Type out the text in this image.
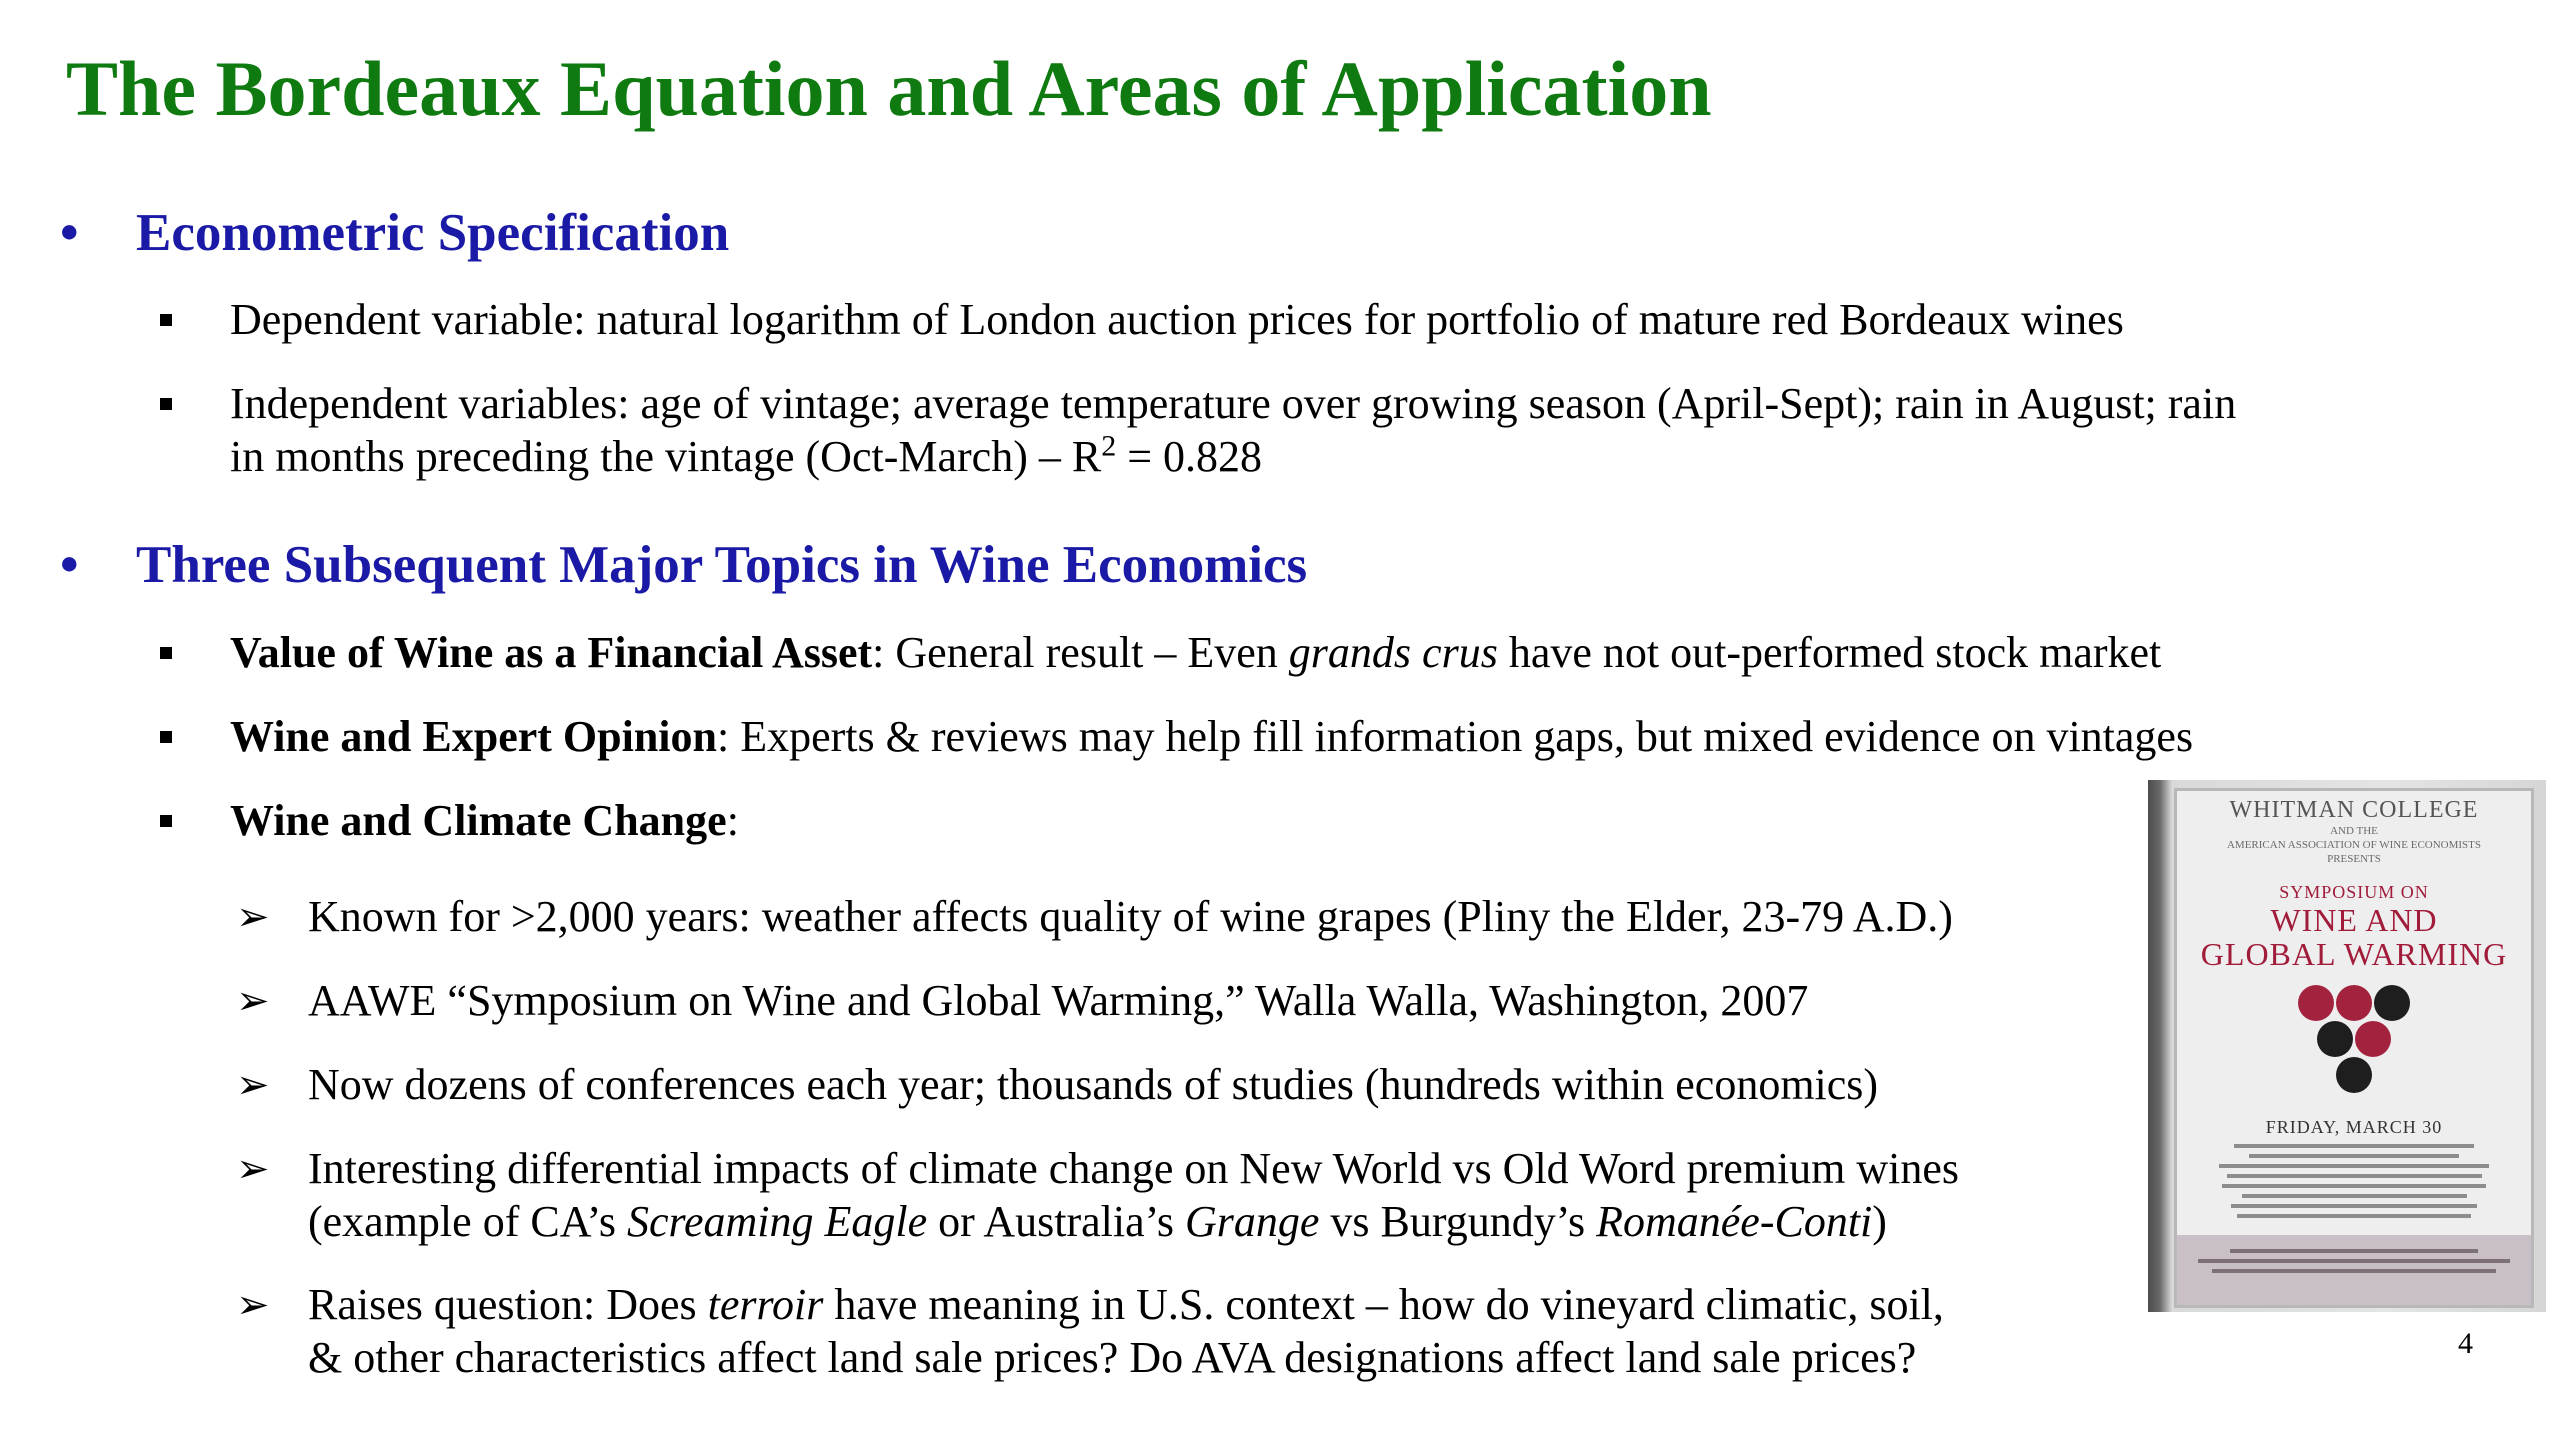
The Bordeaux Equation and Areas of Application
• Econometric Specification
Dependent variable: natural logarithm of London auction prices for portfolio of mature red Bordeaux wines
Independent variables: age of vintage; average temperature over growing season (April-Sept); rain in August; rain
in months preceding the vintage (Oct-March) – $R^2 = 0.828$
• Three Subsequent Major Topics in Wine Economics
Value of Wine as a Financial Asset: General result – Even grands crus have not out-performed stock market
Wine and Expert Opinion: Experts & reviews may help fill information gaps, but mixed evidence on vintages
Wine and Climate Change:
➢ Known for >2,000 years: weather affects quality of wine grapes (Pliny the Elder, 23-79 A.D.)
➢ AAWE “Symposium on Wine and Global Warming,” Walla Walla, Washington, 2007
➢ Now dozens of conferences each year; thousands of studies (hundreds within economics)
➢ Interesting differential impacts of climate change on New World vs Old Word premium wines
(example of CA’s Screaming Eagle or Australia’s Grange vs Burgundy’s Romanée-Conti)
➢ Raises question: Does terroir have meaning in U.S. context – how do vineyard climatic, soil,
& other characteristics affect land sale prices? Do AVA designations affect land sale prices?
WHITMAN COLLEGE
AND THE
AMERICAN ASSOCIATION OF WINE ECONOMISTS
PRESENTS
SYMPOSIUM ON
WINE AND
GLOBAL WARMING
FRIDAY, MARCH 30
4
